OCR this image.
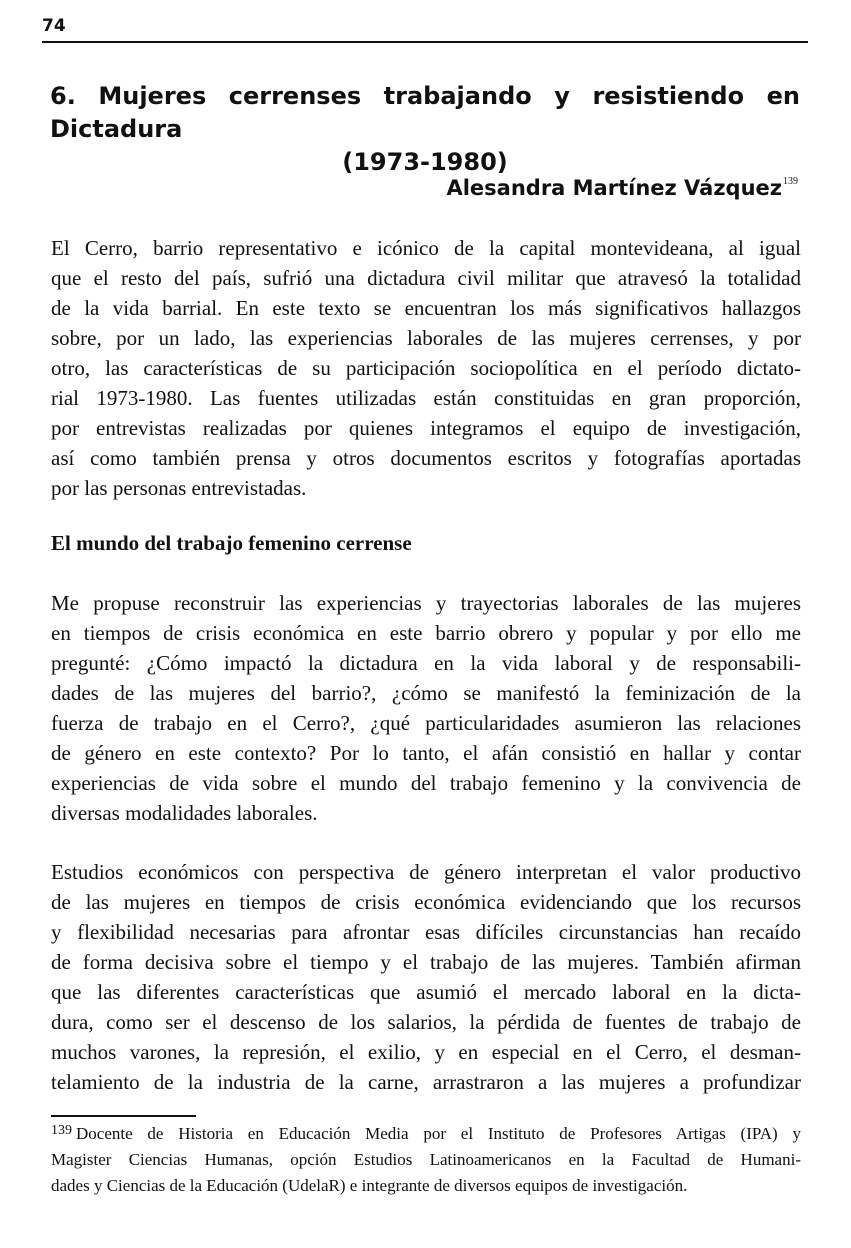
74
6. Mujeres cerrenses trabajando y resistiendo en Dictadura
(1973-1980)
Alesandra Martínez Vázquez$^{139}$

El Cerro, barrio representativo e icónico de la capital montevideana, al igual
que el resto del país, sufrió una dictadura civil militar que atravesó la totalidad
de la vida barrial. En este texto se encuentran los más significativos hallazgos
sobre, por un lado, las experiencias laborales de las mujeres cerrenses, y por
otro, las características de su participación sociopolítica en el período dictato-
rial 1973-1980. Las fuentes utilizadas están constituidas en gran proporción,
por entrevistas realizadas por quienes integramos el equipo de investigación,
así como también prensa y otros documentos escritos y fotografías aportadas
por las personas entrevistadas.

El mundo del trabajo femenino cerrense

Me propuse reconstruir las experiencias y trayectorias laborales de las mujeres
en tiempos de crisis económica en este barrio obrero y popular y por ello me
pregunté: ¿Cómo impactó la dictadura en la vida laboral y de responsabili-
dades de las mujeres del barrio?, ¿cómo se manifestó la feminización de la
fuerza de trabajo en el Cerro?, ¿qué particularidades asumieron las relaciones
de género en este contexto? Por lo tanto, el afán consistió en hallar y contar
experiencias de vida sobre el mundo del trabajo femenino y la convivencia de
diversas modalidades laborales.

Estudios económicos con perspectiva de género interpretan el valor productivo
de las mujeres en tiempos de crisis económica evidenciando que los recursos
y flexibilidad necesarias para afrontar esas difíciles circunstancias han recaído
de forma decisiva sobre el tiempo y el trabajo de las mujeres. También afirman
que las diferentes características que asumió el mercado laboral en la dicta-
dura, como ser el descenso de los salarios, la pérdida de fuentes de trabajo de
muchos varones, la represión, el exilio, y en especial en el Cerro, el desman-
telamiento de la industria de la carne, arrastraron a las mujeres a profundizar

$^{139}$ Docente de Historia en Educación Media por el Instituto de Profesores Artigas (IPA) y
Magister Ciencias Humanas, opción Estudios Latinoamericanos en la Facultad de Humani-
dades y Ciencias de la Educación (UdelaR) e integrante de diversos equipos de investigación.
